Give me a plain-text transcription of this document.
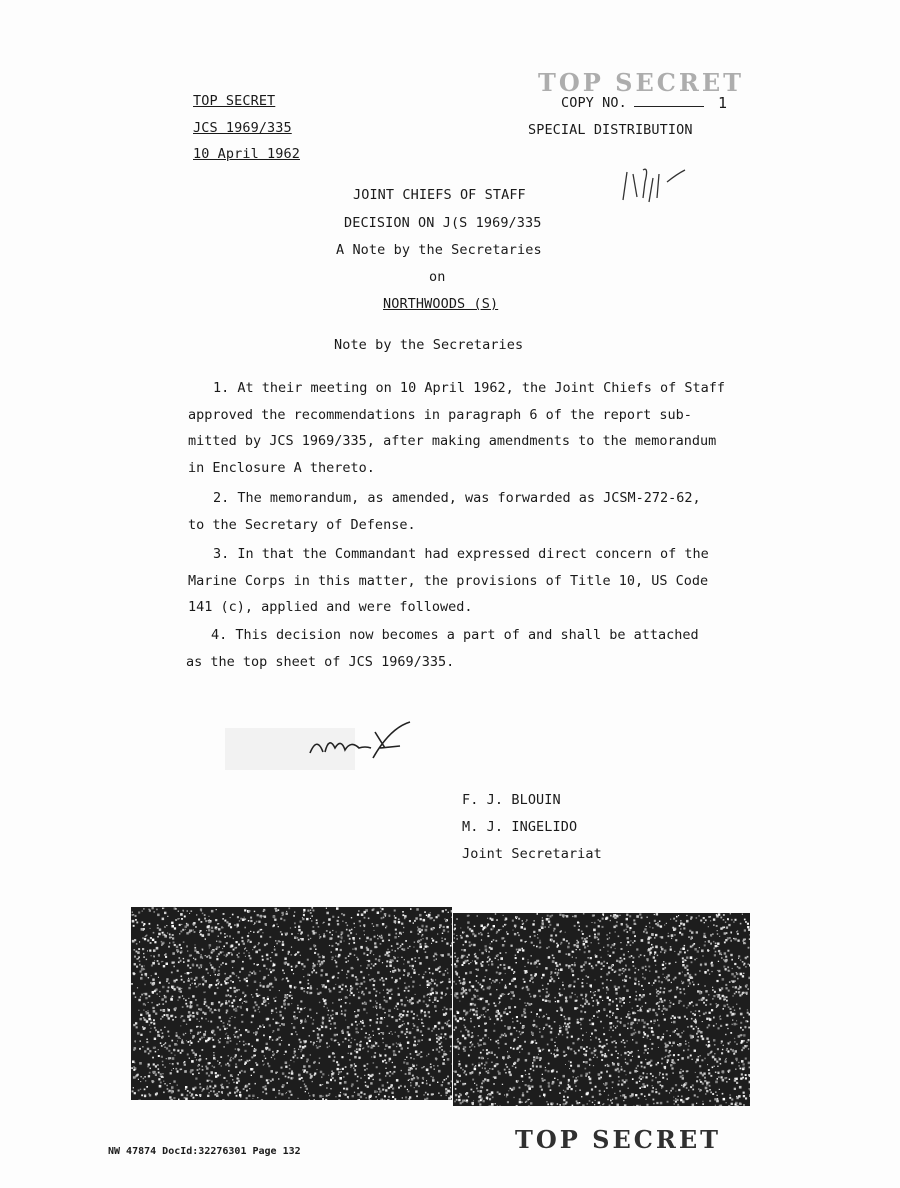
TOP SECRET
JCS 1969/335
10 April 1962
TOP SECRET
COPY NO.	1
SPECIAL DISTRIBUTION
JOINT CHIEFS OF STAFF
DECISION ON J(S 1969/335
A Note by the Secretaries
on
NORTHWOODS (S)
Note by the Secretaries
1. At their meeting on 10 April 1962, the Joint Chiefs of Staff
approved the recommendations in paragraph 6 of the report sub-
mitted by JCS 1969/335, after making amendments to the memorandum
in Enclosure A thereto.
2. The memorandum, as amended, was forwarded as JCSM-272-62,
to the Secretary of Defense.
3. In that the Commandant had expressed direct concern of the
Marine Corps in this matter, the provisions of Title 10, US Code
141 (c), applied and were followed.
4. This decision now becomes a part of and shall be attached
as the top sheet of JCS 1969/335.
F. J. BLOUIN
M. J. INGELIDO
Joint Secretariat
NW 47874 DocId:32276301 Page 132	TOP SECRET
